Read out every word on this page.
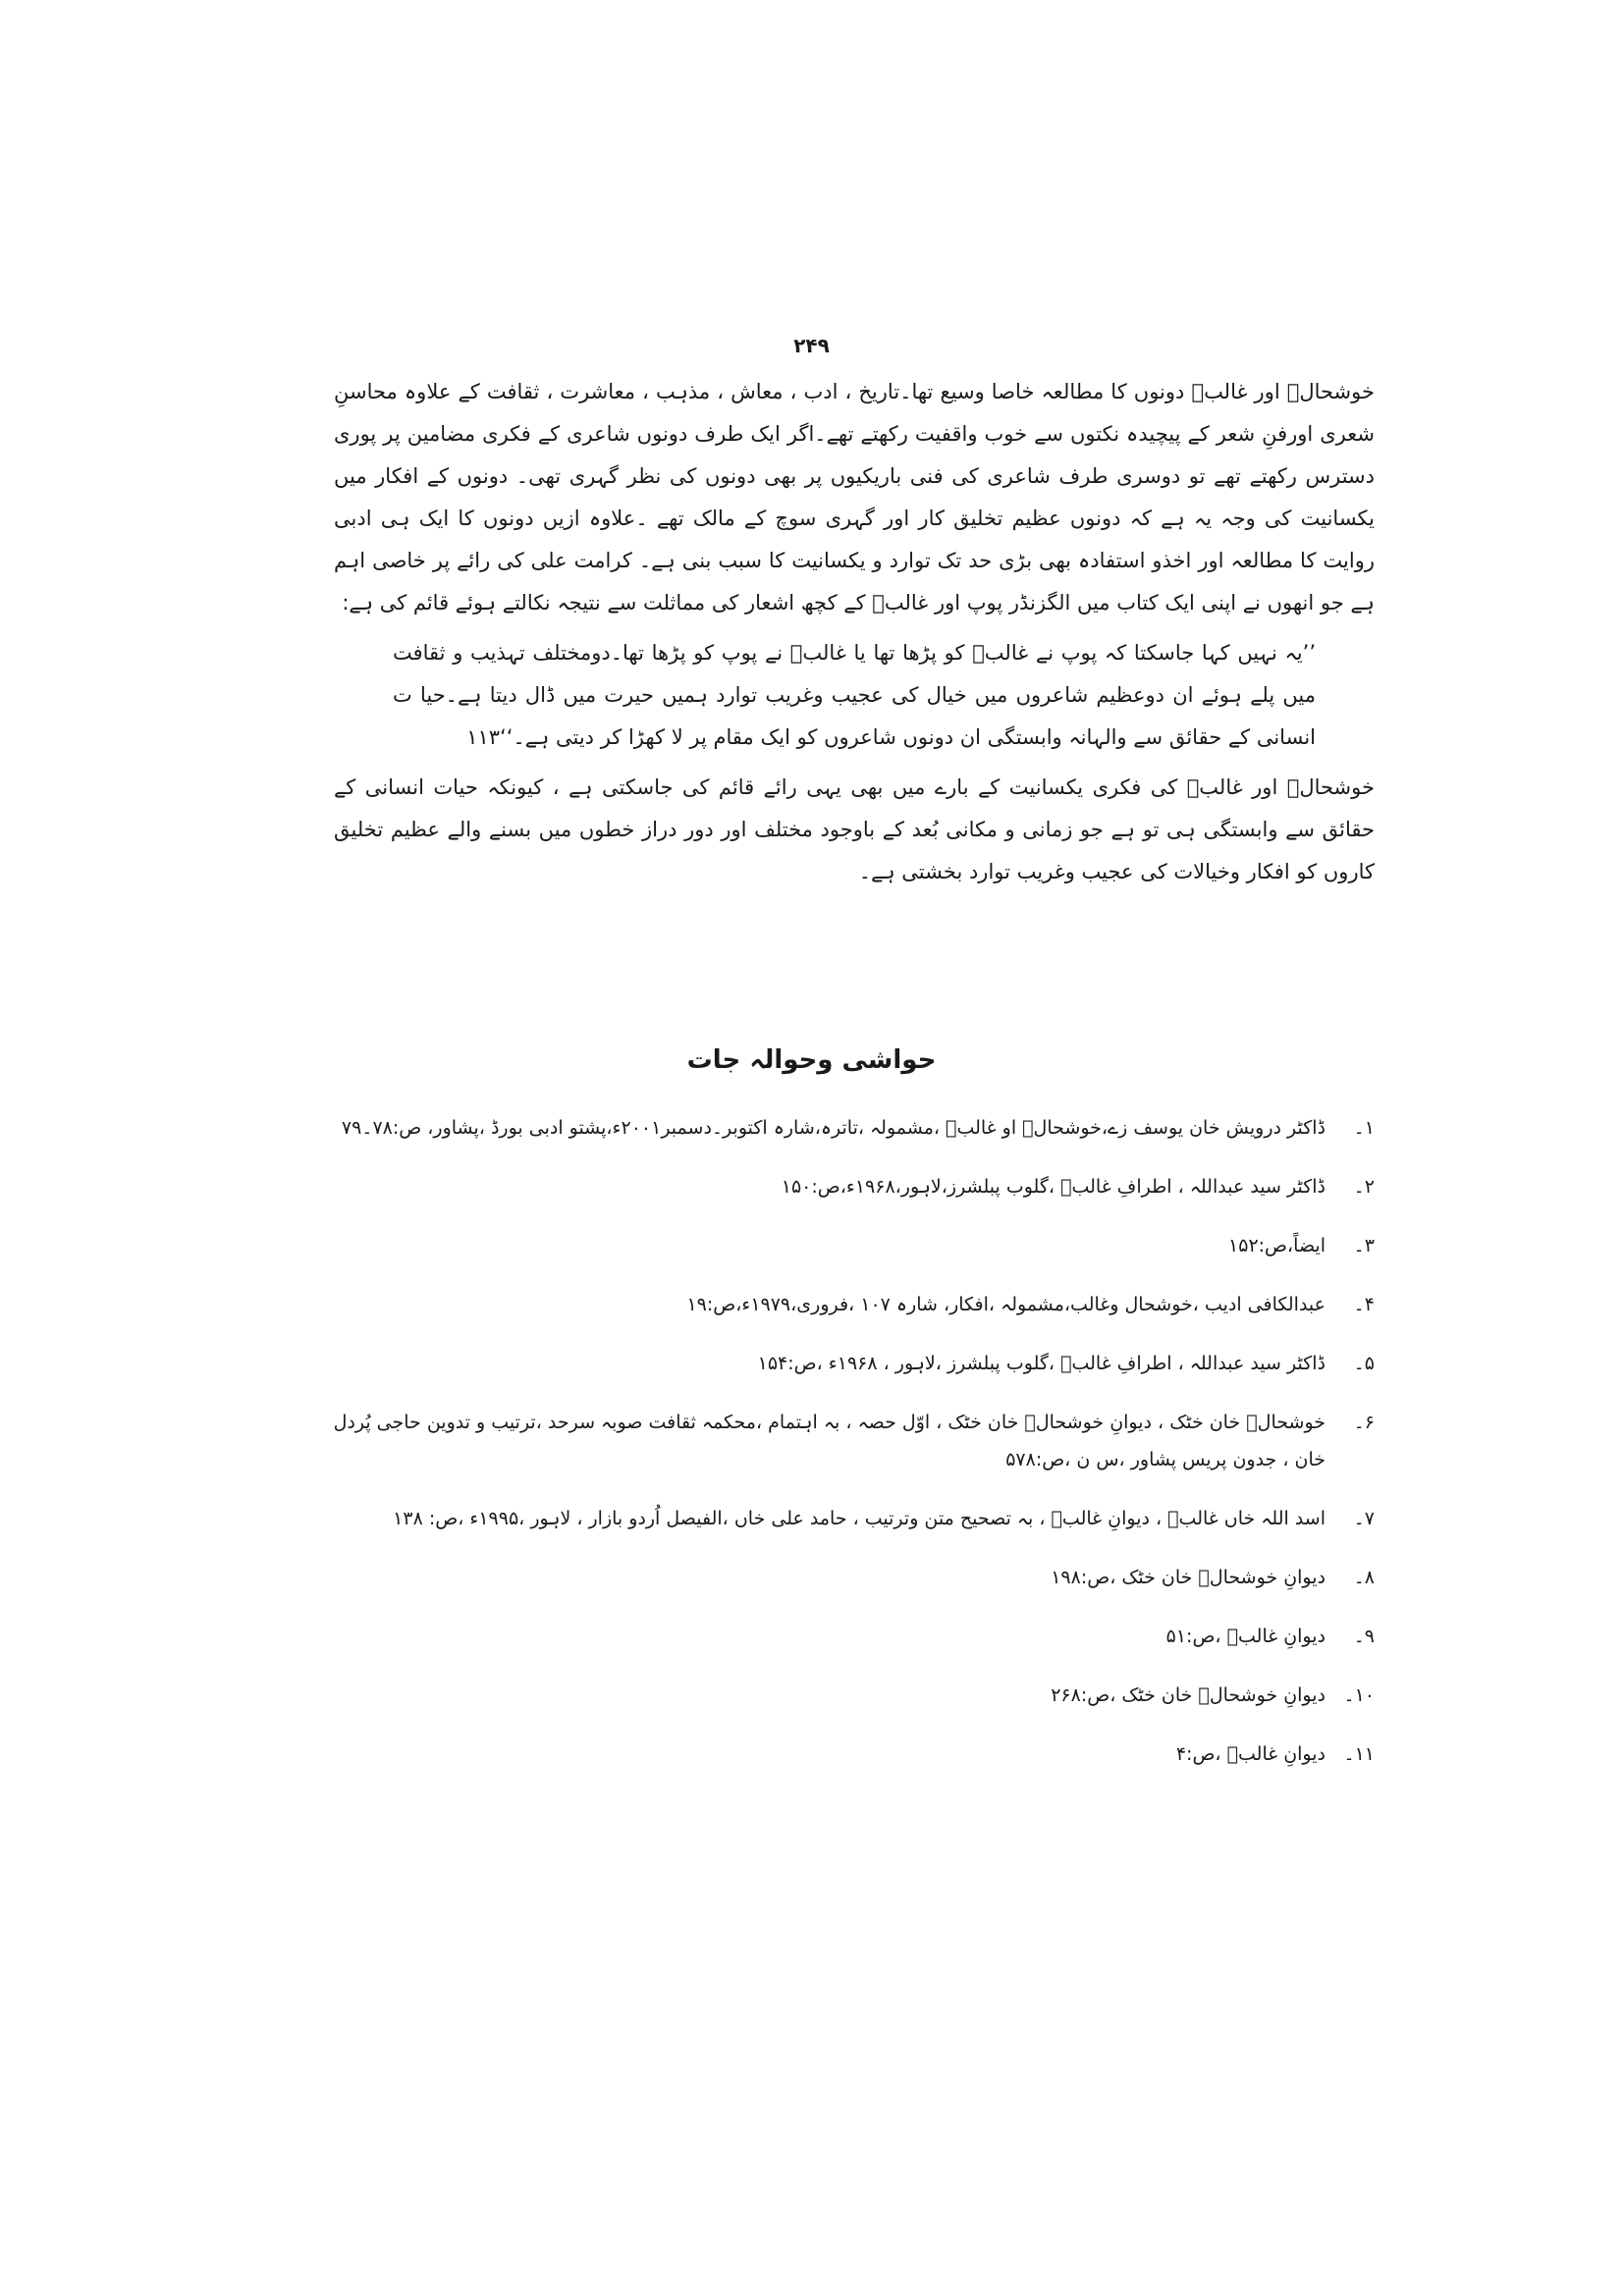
۲۴۹

خوشحالؔ اور غالبؔ دونوں کا مطالعہ خاصا وسیع تھا۔تاریخ ، ادب ، معاش ، مذہب ، معاشرت ، ثقافت کے علاوہ محاسنِ شعری اورفنِ شعر کے پیچیدہ نکتوں سے خوب واقفیت رکھتے تھے۔اگر ایک طرف دونوں شاعری کے فکری مضامین پر پوری دسترس رکھتے تھے تو دوسری طرف شاعری کی فنی باریکیوں پر بھی دونوں کی نظر گہری تھی۔ دونوں کے افکار میں یکسانیت کی وجہ یہ ہے کہ دونوں عظیم تخلیق کار اور گہری سوچ کے مالک تھے ۔علاوہ ازیں دونوں کا ایک ہی ادبی روایت کا مطالعہ اور اخذو استفادہ بھی بڑی حد تک توارد و یکسانیت کا سبب بنی ہے۔ کرامت علی کی رائے پر خاصی اہم ہے جو انھوں نے اپنی ایک کتاب میں الگزنڈر پوپ اور غالبؔ کے کچھ اشعار کی مماثلت سے نتیجہ نکالتے ہوئے قائم کی ہے:

’’یہ نہیں کہا جاسکتا کہ پوپ نے غالبؔ کو پڑھا تھا یا غالبؔ نے پوپ کو پڑھا تھا۔دومختلف تہذیب و ثقافت میں پلے ہوئے ان دوعظیم شاعروں میں خیال کی عجیب وغریب توارد ہمیں حیرت میں ڈال دیتا ہے۔حیا ت انسانی کے حقائق سے والہانہ وابستگی ان دونوں شاعروں کو ایک مقام پر لا کھڑا کر دیتی ہے۔‘‘۱۱۳

خوشحالؔ اور غالبؔ کی فکری یکسانیت کے بارے میں بھی یہی رائے قائم کی جاسکتی ہے ، کیونکہ حیات انسانی کے حقائق سے وابستگی ہی تو ہے جو زمانی و مکانی بُعد کے باوجود مختلف اور دور دراز خطوں میں بسنے والے عظیم تخلیق کاروں کو افکار وخیالات کی عجیب وغریب توارد بخشتی ہے۔

حواشی وحوالہ جات
۱۔
ڈاکٹر درویش خان یوسف زے،خوشحالؔ او غالبؔ ،مشمولہ ،تاترہ،شارہ اکتوبر۔دسمبر۲۰۰۱ء،پشتو ادبی بورڈ ،پشاور، ص:۷۸۔۷۹
۲۔
ڈاکٹر سید عبداللہ ، اطرافِ غالبؔ ،گلوب پبلشرز،لاہور،۱۹۶۸ء،ص:۱۵۰
۳۔
ایضاً،ص:۱۵۲
۴۔
عبدالکافی ادیب ،خوشحال وغالب،مشمولہ ،افکار، شارہ ۱۰۷ ،فروری،۱۹۷۹ء،ص:۱۹
۵۔
ڈاکٹر سید عبداللہ ، اطرافِ غالبؔ ،گلوب پبلشرز ،لاہور ، ۱۹۶۸ء ،ص:۱۵۴
۶۔
خوشحالؔ خان خٹک ، دیوانِ خوشحالؔ خان خٹک ، اوّل حصہ ، بہ اہتمام ،محکمہ ثقافت صوبہ سرحد ،ترتیب و تدوین حاجی پُردل خان ، جدون پریس پشاور ،س ن ،ص:۵۷۸
۷۔
اسد اللہ خاں غالبؔ ، دیوانِ غالبؔ ، بہ تصحیح متن وترتیب ، حامد علی خاں ،الفیصل اُردو بازار ، لاہور ،۱۹۹۵ء ،ص: ۱۳۸
۸۔
دیوانِ خوشحالؔ خان خٹک ،ص:۱۹۸
۹۔
دیوانِ غالبؔ ،ص:۵۱
۱۰۔
دیوانِ خوشحالؔ خان خٹک ،ص:۲۶۸
۱۱۔
دیوانِ غالبؔ ،ص:۴
